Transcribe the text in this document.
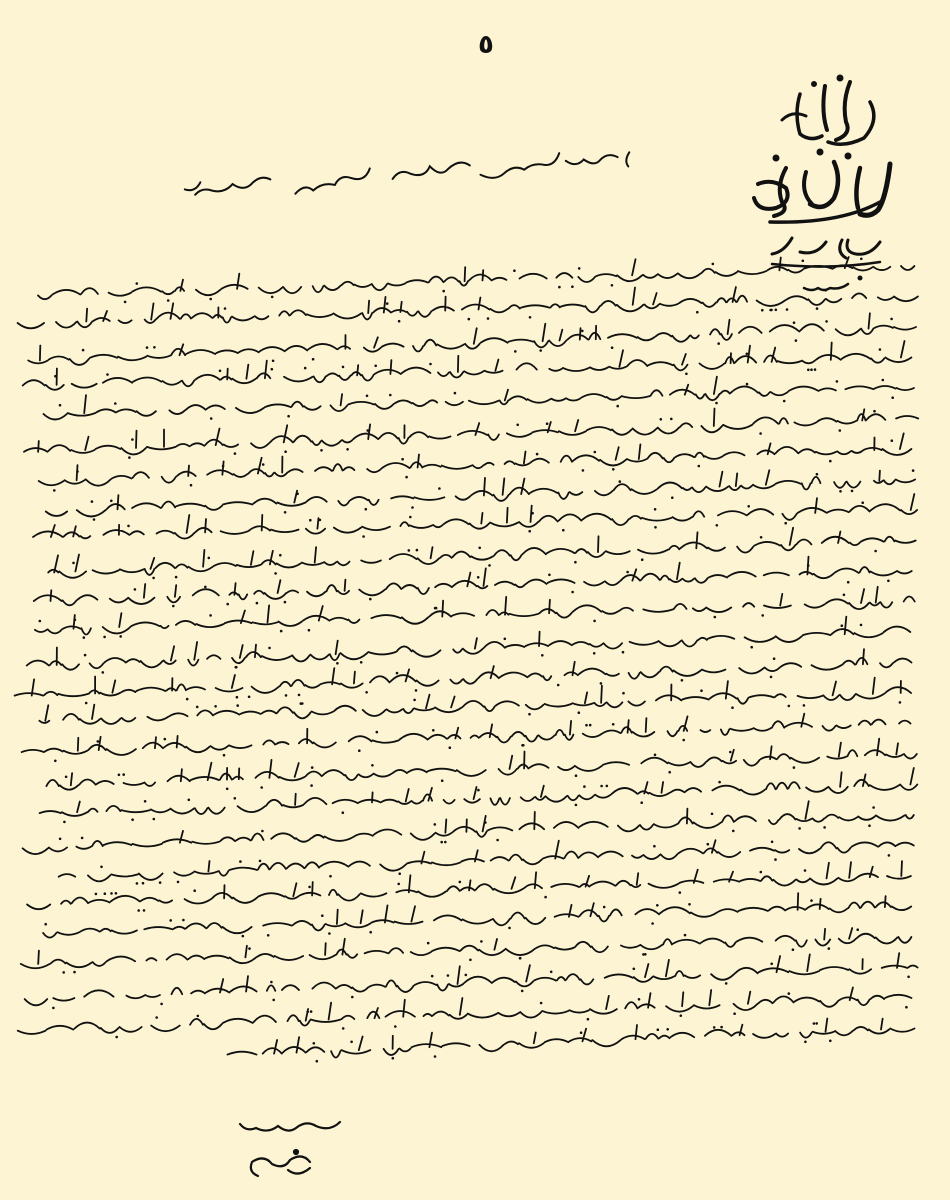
٥
